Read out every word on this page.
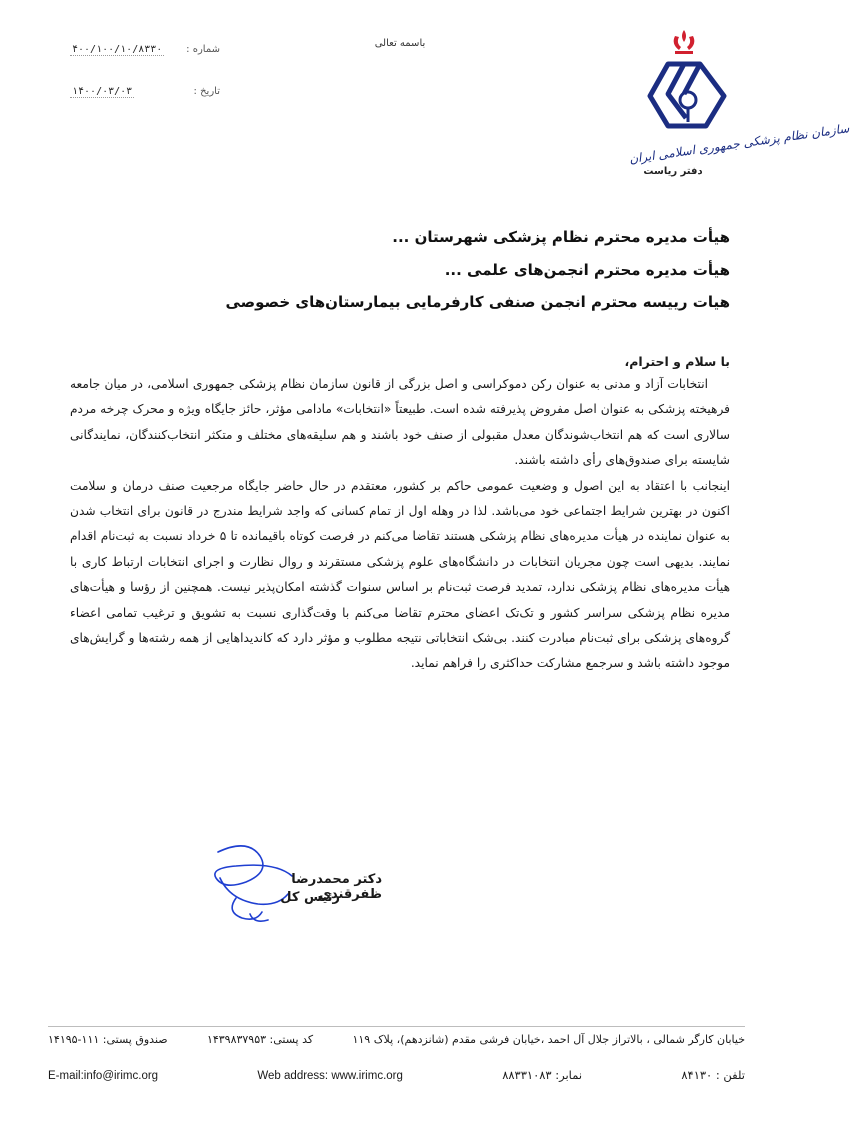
سازمان نظام پزشکی جمهوری اسلامی ایران
دفتر ریاست
باسمه تعالی
۴۰۰/۱۰۰/۱۰/۸۳۳۰ شماره :
۱۴۰۰/۰۳/۰۳	تاریخ :
هیأت مدیره محترم نظام پزشکی شهرستان ...
هیأت مدیره محترم انجمن‌های علمی ...
هیات رییسه محترم انجمن صنفی کارفرمایی بیمارستان‌های خصوصی
با سلام و احترام،

انتخابات آزاد و مدنی به عنوان رکن دموکراسی و اصل بزرگی از قانون سازمان نظام پزشکی جمهوری اسلامی، در میان جامعه فرهیخته پزشکی به عنوان اصل مفروض پذیرفته شده است. طبیعتاً «انتخابات» مادامی مؤثر، حائز جایگاه ویژه و محرک چرخه مردم سالاری است که هم انتخاب‌شوندگان معدل مقبولی از صنف خود باشند و هم سلیقه‌های مختلف و متکثر انتخاب‌کنندگان، نمایندگانی شایسته برای صندوق‌های رأی داشته باشند.

اینجانب با اعتقاد به این اصول و وضعیت عمومی حاکم بر کشور، معتقدم در حال حاضر جایگاه مرجعیت صنف درمان و سلامت اکنون در بهترین شرایط اجتماعی خود می‌باشد. لذا در وهله اول از تمام کسانی که واجد شرایط مندرج در قانون برای انتخاب شدن به عنوان نماینده در هیأت مدیره‌های نظام پزشکی هستند تقاضا می‌کنم در فرصت کوتاه باقیمانده تا ۵ خرداد نسبت به ثبت‌نام اقدام نمایند. بدیهی است چون مجریان انتخابات در دانشگاه‌های علوم پزشکی مستقرند و روال نظارت و اجرای انتخابات ارتباط کاری با هیأت مدیره‌های نظام پزشکی ندارد، تمدید فرصت ثبت‌نام بر اساس سنوات گذشته امکان‌پذیر نیست. همچنین از رؤسا و هیأت‌های مدیره نظام پزشکی سراسر کشور و تک‌تک اعضای محترم تقاضا می‌کنم با وقت‌گذاری نسبت به تشویق و ترغیب تمامی اعضاء گروه‌های پزشکی برای ثبت‌نام مبادرت کنند. بی‌شک انتخاباتی نتیجه مطلوب و مؤثر دارد که کاندیداهایی از همه رشته‌ها و گرایش‌های موجود داشته باشد و سرجمع مشارکت حداکثری را فراهم نماید.

دکتر محمدرضا ظفرقندی
رئیس کل
خیابان کارگر شمالی ، بالاتراز جلال آل احمد ،خیابان فرشی مقدم (شانزدهم)، پلاک ۱۱۹
کد پستی: ۱۴۳۹۸۳۷۹۵۳
صندوق پستی: ۱۱۱-۱۴۱۹۵
E-mail:info@irimc.org	Web address: www.irimc.org	نمابر: ۸۸۳۳۱۰۸۳	تلفن : ۸۴۱۳۰
